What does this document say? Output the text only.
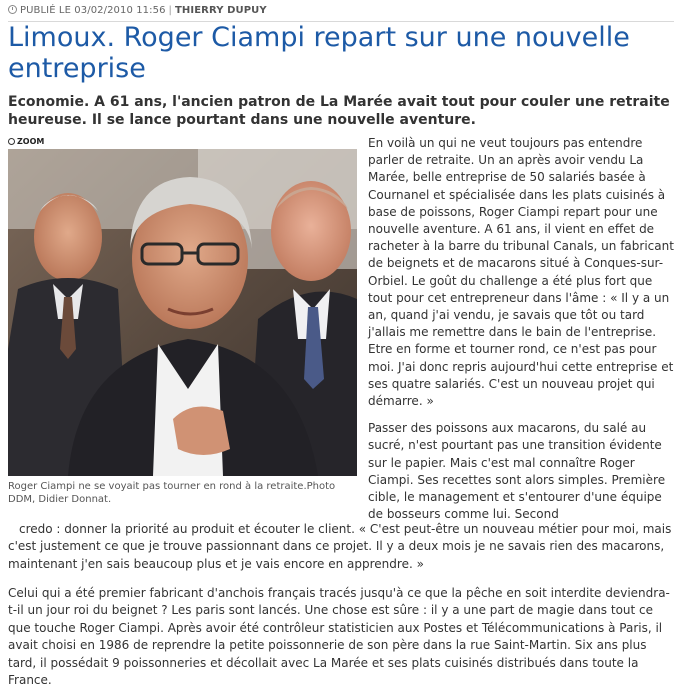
PUBLIÉ LE 03/02/2010 11:56 | THIERRY DUPUY
Limoux. Roger Ciampi repart sur une nouvelle entreprise

Economie. A 61 ans, l'ancien patron de La Marée avait tout pour couler une retraite heureuse. Il se lance pourtant dans une nouvelle aventure.

ZOOM
Roger Ciampi ne se voyait pas tourner en rond à la retraite.Photo DDM, Didier Donnat.

En voilà un qui ne veut toujours pas entendre parler de retraite. Un an après avoir vendu La Marée, belle entreprise de 50 salariés basée à Cournanel et spécialisée dans les plats cuisinés à base de poissons, Roger Ciampi repart pour une nouvelle aventure. A 61 ans, il vient en effet de racheter à la barre du tribunal Canals, un fabricant de beignets et de macarons situé à Conques-sur-Orbiel. Le goût du challenge a été plus fort que tout pour cet entrepreneur dans l'âme : « Il y a un an, quand j'ai vendu, je savais que tôt ou tard j'allais me remettre dans le bain de l'entreprise. Etre en forme et tourner rond, ce n'est pas pour moi. J'ai donc repris aujourd'hui cette entreprise et ses quatre salariés. C'est un nouveau projet qui démarre. »

Passer des poissons aux macarons, du salé au sucré, n'est pourtant pas une transition évidente sur le papier. Mais c'est mal connaître Roger Ciampi. Ses recettes sont alors simples. Première cible, le management et s'entourer d'une équipe de bosseurs comme lui. Second

credo : donner la priorité au produit et écouter le client. « C'est peut-être un nouveau métier pour moi, mais c'est justement ce que je trouve passionnant dans ce projet. Il y a deux mois je ne savais rien des macarons, maintenant j'en sais beaucoup plus et je vais encore en apprendre. »
Celui qui a été premier fabricant d'anchois français tracés jusqu'à ce que la pêche en soit interdite deviendra-t-il un jour roi du beignet ? Les paris sont lancés. Une chose est sûre : il y a une part de magie dans tout ce que touche Roger Ciampi. Après avoir été contrôleur statisticien aux Postes et Télécommunications à Paris, il avait choisi en 1986 de reprendre la petite poissonnerie de son père dans la rue Saint-Martin. Six ans plus tard, il possédait 9 poissonneries et décollait avec La Marée et ses plats cuisinés distribués dans toute la France.
